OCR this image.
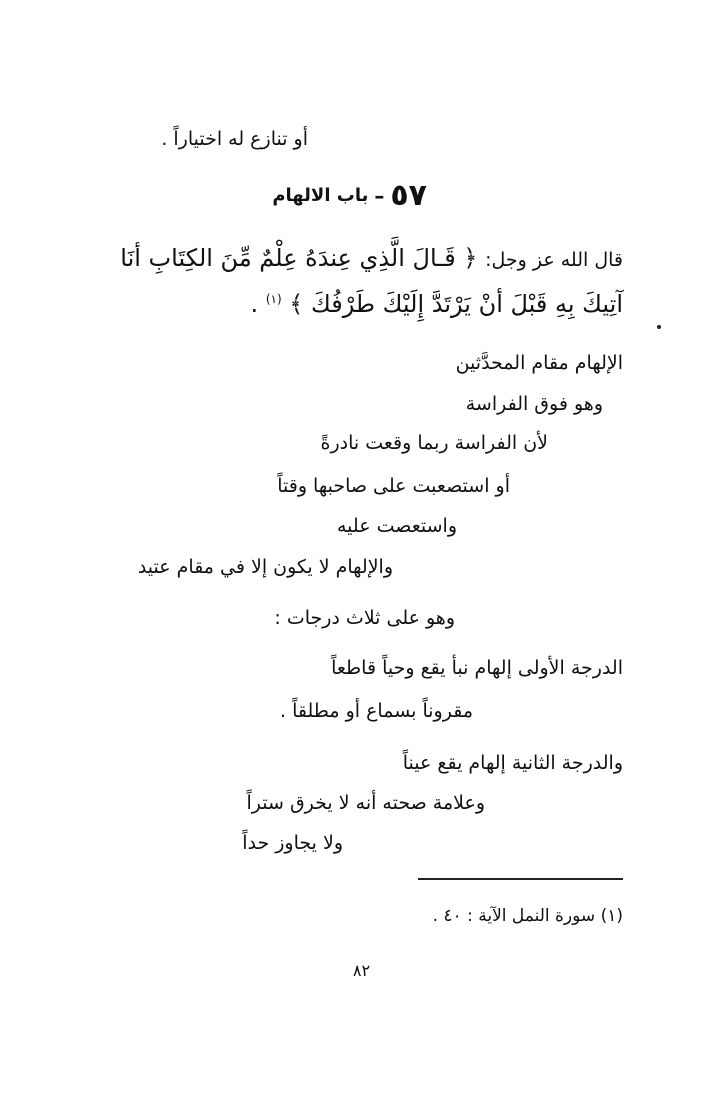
أو تنازع له اختياراً .
٥٧–باب الالهام
قال الله عز وجل: ﴿ قَـالَ الَّذِي عِندَهُ عِلْمٌ مِّنَ الكِتَابِ أنَا
آتِيكَ بِهِ قَبْلَ أنْ يَرْتَدَّ إِلَيْكَ طَرْفُكَ ﴾ $^{(١)}$ .
الإلهام مقام المحدَّثين
وهو فوق الفراسة
لأن الفراسة ربما وقعت نادرةً
أو استصعبت على صاحبها وقتاً
واستعصت عليه
والإلهام لا يكون إلا في مقام عتيد
وهو على ثلاث درجات :
الدرجة الأولى إلهام نبأ يقع وحياً قاطعاً
مقروناً بسماع أو مطلقاً .
والدرجة الثانية إلهام يقع عيناً
وعلامة صحته أنه لا يخرق ستراً
ولا يجاوز حداً
(١) سورة النمل الآية : ٤٠ .
٨٢
